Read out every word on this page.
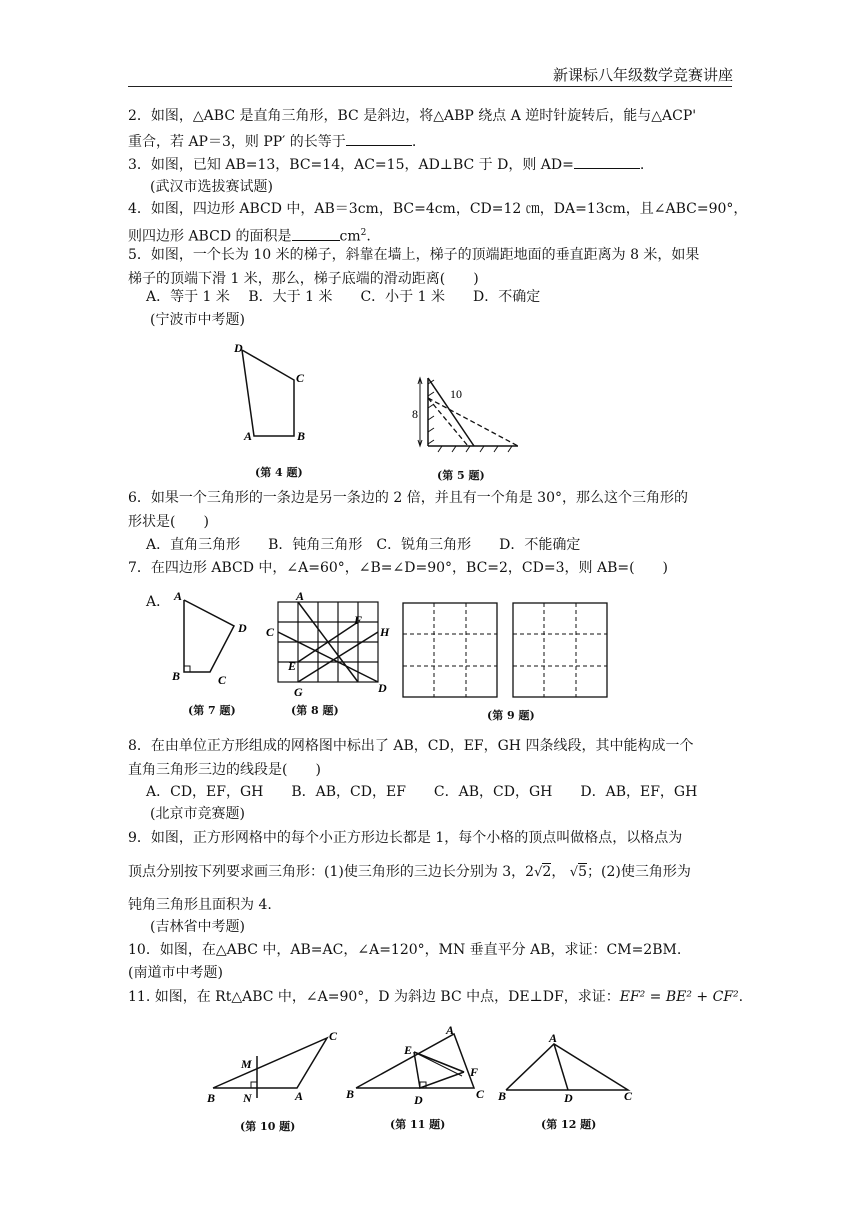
新课标八年级数学竞赛讲座
2．如图，△ABC 是直角三角形，BC 是斜边，将△ABP 绕点 A 逆时针旋转后，能与△ACP'
重合，若 AP＝3，则 PP′ 的长等于	.
3．如图，已知 AB=13，BC=14，AC=15，AD⊥BC 于 D，则 AD=	.
(武汉市选拔赛试题)
4．如图，四边形 ABCD 中，AB＝3cm，BC=4cm，CD=12 ㎝，DA=13cm，且∠ABC=90°，
则四边形 ABCD 的面积是	$cm^2$.
5．如图，一个长为 10 米的梯子，斜靠在墙上，梯子的顶端距地面的垂直距离为 8 米，如果
梯子的顶端下滑 1 米，那么，梯子底端的滑动距离(　　)
A．等于 1 米　 B．大于 1 米　　C．小于 1 米　　D．不确定
(宁波市中考题)
D
C
A	B
(第 4 题)
10
8
(第 5 题)
6．如果一个三角形的一条边是另一条边的 2 倍，并且有一个角是 30°，那么这个三角形的
形状是(　　)
A．直角三角形　　B．钝角三角形　C．锐角三角形　　D．不能确定
7．在四边形 ABCD 中，∠A=60°，∠B=∠D=90°，BC=2，CD=3，则 AB=(　　)
A． A
D
B	C
(第 7 题)
A
C
F
H
E
G	D
(第 8 题)	(第 9 题)
8．在由单位正方形组成的网格图中标出了 AB，CD，EF，GH 四条线段，其中能构成一个
直角三角形三边的线段是(　　)
A．CD，EF，GH　　B．AB，CD，EF　　C．AB，CD，GH　　D．AB，EF，GH
(北京市竞赛题)
9．如图，正方形网格中的每个小正方形边长都是 1，每个小格的顶点叫做格点，以格点为
顶点分别按下列要求画三角形：(1)使三角形的三边长分别为 3，2√2， √5；(2)使三角形为
钝角三角形且面积为 4.
(吉林省中考题)
10．如图，在△ABC 中，AB=AC，∠A=120°，MN 垂直平分 AB，求证：CM=2BM.
(南道市中考题)
11. 如图，在 Rt△ABC 中，∠A=90°，D 为斜边 BC 中点，DE⊥DF，求证：EF² = BE² + CF².
C
M
B N	A
(第 10 题)
A
E
F
B	D	C
(第 11 题)
A
B	D	C
(第 12 题)
